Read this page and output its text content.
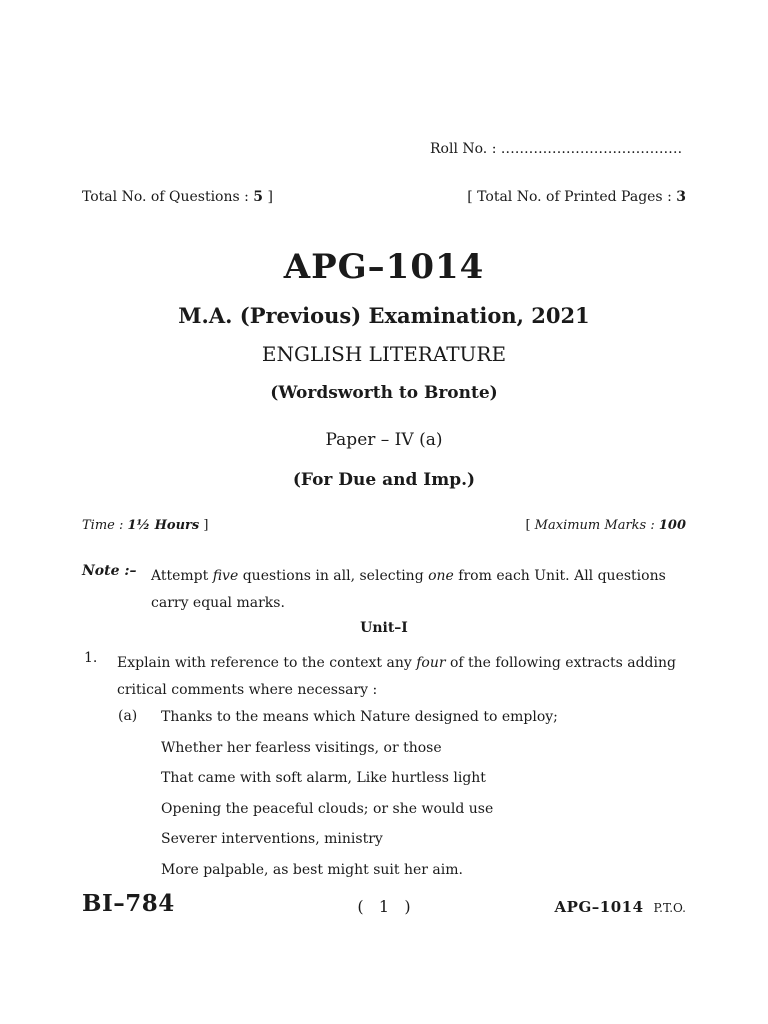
Roll No. : .......................................
Total No. of Questions : 5 ]	[ Total No. of Printed Pages : 3
APG–1014
M.A. (Previous) Examination, 2021
ENGLISH LITERATURE
(Wordsworth to Bronte)
Paper – IV (a)
(For Due and Imp.)
Time : 1½ Hours ]	[ Maximum Marks : 100
Note :– Attempt five questions in all, selecting one from each Unit. All questions carry equal marks.
Unit–I
1. Explain with reference to the context any four of the following extracts adding critical comments where necessary :
(a) Thanks to the means which Nature designed to employ;
Whether her fearless visitings, or those
That came with soft alarm, Like hurtless light
Opening the peaceful clouds; or she would use
Severer interventions, ministry
More palpable, as best might suit her aim.
BI–784	(   1   )	APG–1014 P.T.O.
